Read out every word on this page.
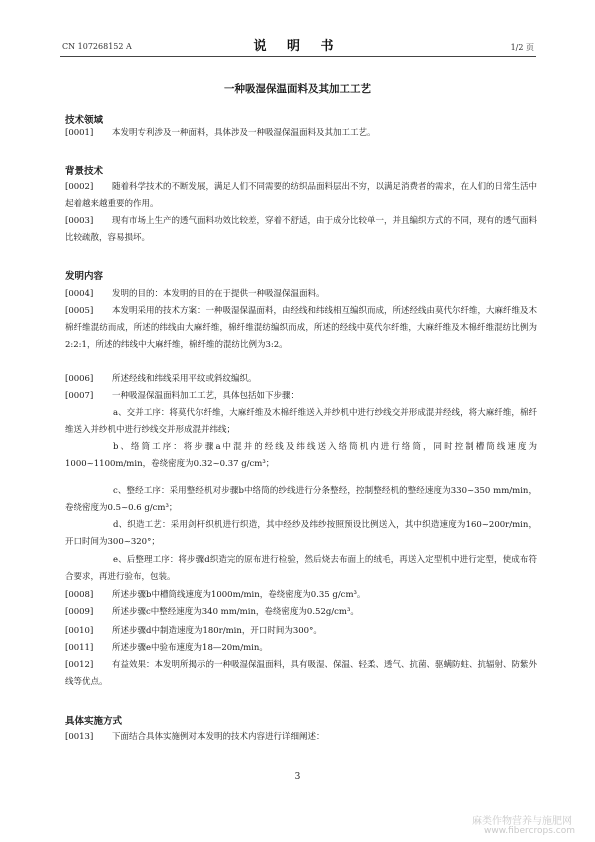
CN 107268152 A	说 明 书	1/2 页
一种吸湿保温面料及其加工工艺
技术领域
[0001] 本发明专利涉及一种面料，具体涉及一种吸湿保温面料及其加工工艺。
背景技术
[0002] 随着科学技术的不断发展，满足人们不同需要的纺织品面料层出不穷，以满足消费者的需求，在人们的日常生活中起着越来越重要的作用。
[0003] 现有市场上生产的透气面料功效比较差，穿着不舒适，由于成分比较单一，并且编织方式的不同，现有的透气面料比较疏散，容易损坏。
发明内容
[0004] 发明的目的：本发明的目的在于提供一种吸湿保温面料。
[0005] 本发明采用的技术方案：一种吸湿保温面料，由经线和纬线相互编织而成，所述经线由莫代尔纤维，大麻纤维及木棉纤维混纺而成，所述的纬线由大麻纤维，棉纤维混纺编织而成，所述的经线中莫代尔纤维，大麻纤维及木棉纤维混纺比例为2:2:1，所述的纬线中大麻纤维，棉纤维的混纺比例为3:2。
[0006] 所述经线和纬线采用平纹或斜纹编织。
[0007] 一种吸湿保温面料加工工艺，具体包括如下步骤：
a、交并工序：将莫代尔纤维，大麻纤维及木棉纤维送入并纱机中进行纱线交并形成混并经线，将大麻纤维，棉纤维送入并纱机中进行纱线交并形成混并纬线；
b、络筒工序：将步骤a中混并的经线及纬线送入络筒机内进行络筒，同时控制槽筒线速度为1000~1100m/min，卷绕密度为0.32~0.37 g/cm³；
c、整经工序：采用整经机对步骤b中络筒的纱线进行分条整经，控制整经机的整经速度为330~350 mm/min，卷绕密度为0.5~0.6 g/cm³；
d、织造工艺：采用剑杆织机进行织造，其中经纱及纬纱按照预设比例送入，其中织造速度为160~200r/min，开口时间为300~320°；
e、后整理工序：将步骤d织造完的原布进行检验，然后烧去布面上的绒毛，再送入定型机中进行定型，使成布符合要求，再进行验布，包装。
[0008] 所述步骤b中槽筒线速度为1000m/min，卷绕密度为0.35 g/cm³。
[0009] 所述步骤c中整经速度为340 mm/min，卷绕密度为0.52g/cm³。
[0010] 所述步骤d中制造速度为180r/min，开口时间为300°。
[0011] 所述步骤e中验布速度为18—20m/min。
[0012] 有益效果：本发明所揭示的一种吸湿保温面料，具有吸湿、保温、轻柔、透气、抗菌、驱螨防蛀、抗辐射、防紫外线等优点。
具体实施方式
[0013] 下面结合具体实施例对本发明的技术内容进行详细阐述：
3
麻类作物营养与施肥网
www.fibercrops.com
